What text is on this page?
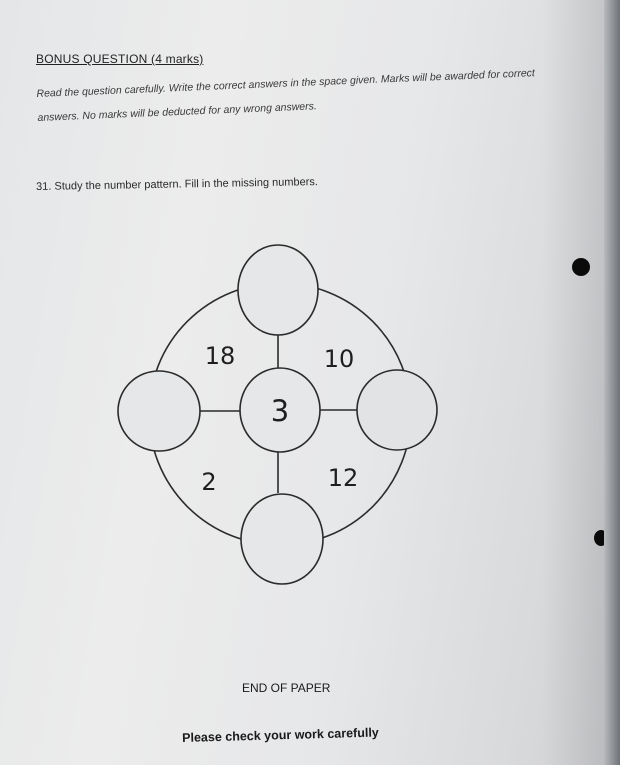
BONUS QUESTION (4 marks)
Read the question carefully. Write the correct answers in the space given. Marks will be awarded for correct answers. No marks will be deducted for any wrong answers.
31. Study the number pattern. Fill in the missing numbers.
3
18	10
2	12
END OF PAPER
Please check your work carefully
